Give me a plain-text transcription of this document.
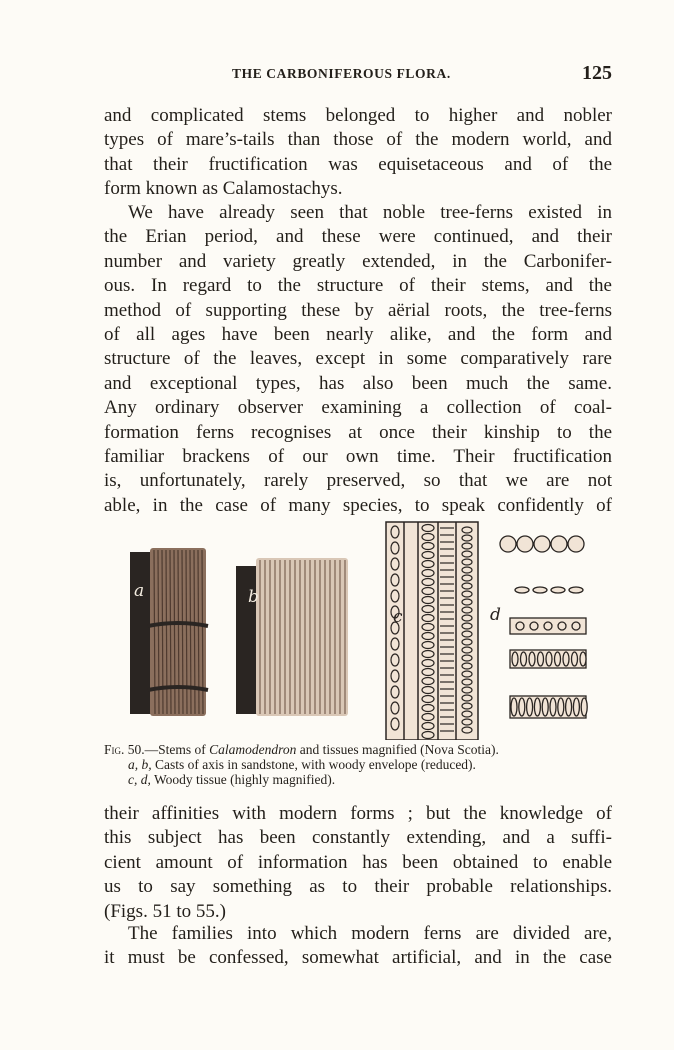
THE CARBONIFEROUS FLORA.	125
and complicated stems belonged to higher and nobler
types of mare’s-tails than those of the modern world, and
that their fructification was equisetaceous and of the
form known as Calamostachys.
We have already seen that noble tree-ferns existed in
the Erian period, and these were continued, and their
number and variety greatly extended, in the Carbonifer-
ous. In regard to the structure of their stems, and the
method of supporting these by aërial roots, the tree-ferns
of all ages have been nearly alike, and the form and
structure of the leaves, except in some comparatively rare
and exceptional types, has also been much the same.
Any ordinary observer examining a collection of coal-
formation ferns recognises at once their kinship to the
familiar brackens of our own time. Their fructification
is, unfortunately, rarely preserved, so that we are not
able, in the case of many species, to speak confidently of
a	b
c	d
Fig. 50.—Stems of Calamodendron and tissues magnified (Nova Scotia).
a, b, Casts of axis in sandstone, with woody envelope (reduced).
c, d, Woody tissue (highly magnified).
their affinities with modern forms ; but the knowledge of
this subject has been constantly extending, and a suffi-
cient amount of information has been obtained to enable
us to say something as to their probable relationships.
(Figs. 51 to 55.)
The families into which modern ferns are divided are,
it must be confessed, somewhat artificial, and in the case
